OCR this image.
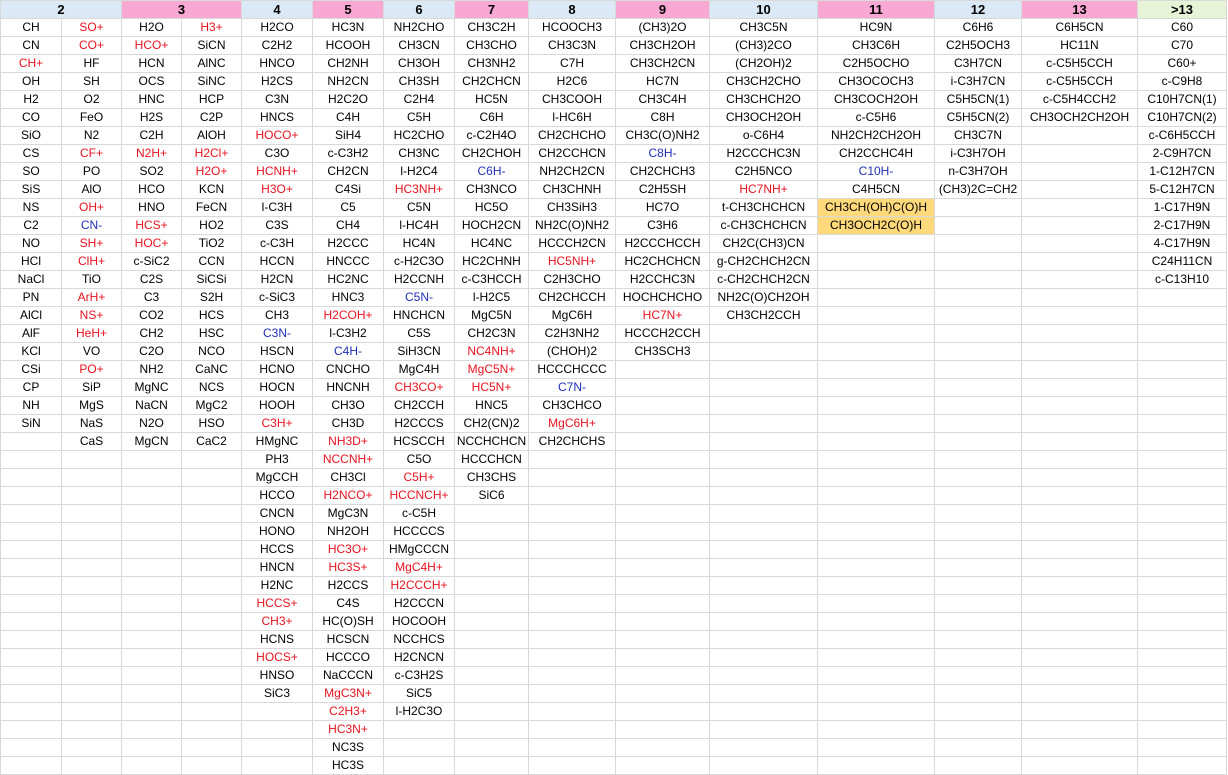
2		3		4	5	6	7	8	9	10	11	12	13	>13
CH	SO+	H2O	H3+	H2CO	HC3N	NH2CHO	CH3C2H	HCOOCH3	(CH3)2O	CH3C5N	HC9N	C6H6	C6H5CN	C60
CN	CO+	HCO+	SiCN	C2H2	HCOOH	CH3CN	CH3CHO	CH3C3N	CH3CH2OH	(CH3)2CO	CH3C6H	C2H5OCH3	HC11N	C70
CH+	HF	HCN	AlNC	HNCO	CH2NH	CH3OH	CH3NH2	C7H	CH3CH2CN	(CH2OH)2	C2H5OCHO	C3H7CN	c-C5H5CCH	C60+
OH	SH	OCS	SiNC	H2CS	NH2CN	CH3SH	CH2CHCN	H2C6	HC7N	CH3CH2CHO	CH3OCOCH3	i-C3H7CN	c-C5H5CCH	c-C9H8
H2	O2	HNC	HCP	C3N	H2C2O	C2H4	HC5N	CH3COOH	CH3C4H	CH3CHCH2O	CH3COCH2OH	C5H5CN(1)	c-C5H4CCH2	C10H7CN(1)
CO	FeO	H2S	C2P	HNCS	C4H	C5H	C6H	l-HC6H	C8H	CH3OCH2OH	c-C5H6	C5H5CN(2)	CH3OCH2CH2OH	C10H7CN(2)
SiO	N2	C2H	AlOH	HOCO+	SiH4	HC2CHO	c-C2H4O	CH2CHCHO	CH3C(O)NH2	o-C6H4	NH2CH2CH2OH	CH3C7N		c-C6H5CCH
CS	CF+	N2H+	H2Cl+	C3O	c-C3H2	CH3NC	CH2CHOH	CH2CCHCN	C8H-	H2CCCHC3N	CH2CCHC4H	i-C3H7OH		2-C9H7CN
SO	PO	SO2	H2O+	HCNH+	CH2CN	l-H2C4	C6H-	NH2CH2CN	CH2CHCH3	C2H5NCO	C10H-	n-C3H7OH		1-C12H7CN
SiS	AlO	HCO	KCN	H3O+	C4Si	HC3NH+	CH3NCO	CH3CHNH	C2H5SH	HC7NH+	C4H5CN	(CH3)2C=CH2		5-C12H7CN
NS	OH+	HNO	FeCN	l-C3H	C5	C5N	HC5O	CH3SiH3	HC7O	t-CH3CHCHCN	CH3CH(OH)C(O)H			1-C17H9N
C2	CN-	HCS+	HO2	C3S	CH4	l-HC4H	HOCH2CN	NH2C(O)NH2	C3H6	c-CH3CHCHCN	CH3OCH2C(O)H			2-C17H9N
NO	SH+	HOC+	TiO2	c-C3H	H2CCC	HC4N	HC4NC	HCCCH2CN	H2CCCHCCH	CH2C(CH3)CN				4-C17H9N
HCl	ClH+	c-SiC2	CCN	HCCN	HNCCC	c-H2C3O	HC2CHNH	HC5NH+	HC2CHCHCN	g-CH2CHCH2CN				C24H11CN
NaCl	TiO	C2S	SiCSi	H2CN	HC2NC	H2CCNH	c-C3HCCH	C2H3CHO	H2CCHC3N	c-CH2CHCH2CN				c-C13H10
PN	ArH+	C3	S2H	c-SiC3	HNC3	C5N-	l-H2C5	CH2CHCCH	HOCHCHCHO	NH2C(O)CH2OH				
AlCl	NS+	CO2	HCS	CH3	H2COH+	HNCHCN	MgC5N	MgC6H	HC7N+	CH3CH2CCH				
AlF	HeH+	CH2	HSC	C3N-	l-C3H2	C5S	CH2C3N	C2H3NH2	HCCCH2CCH					
KCl	VO	C2O	NCO	HSCN	C4H-	SiH3CN	NC4NH+	(CHOH)2	CH3SCH3					
CSi	PO+	NH2	CaNC	HCNO	CNCHO	MgC4H	MgC5N+	HCCCHCCC						
CP	SiP	MgNC	NCS	HOCN	HNCNH	CH3CO+	HC5N+	C7N-						
NH	MgS	NaCN	MgC2	HOOH	CH3O	CH2CCH	HNC5	CH3CHCO						
SiN	NaS	N2O	HSO	C3H+	CH3D	H2CCCS	CH2(CN)2	MgC6H+						
	CaS	MgCN	CaC2	HMgNC	NH3D+	HCSCCH	NCCHCHCN	CH2CHCHS						
				PH3	NCCNH+	C5O	HCCCHCN							
				MgCCH	CH3Cl	C5H+	CH3CHS							
				HCCO	H2NCO+	HCCNCH+	SiC6							
				CNCN	MgC3N	c-C5H								
				HONO	NH2OH	HCCCCS								
				HCCS	HC3O+	HMgCCCN								
				HNCN	HC3S+	MgC4H+								
				H2NC	H2CCS	H2CCCH+								
				HCCS+	C4S	H2CCCN								
				CH3+	HC(O)SH	HOCOOH								
				HCNS	HCSCN	NCCHCS								
				HOCS+	HCCCO	H2CNCN								
				HNSO	NaCCCN	c-C3H2S								
				SiC3	MgC3N+	SiC5								
					C2H3+	l-H2C3O								
					HC3N+									
					NC3S									
					HC3S									
